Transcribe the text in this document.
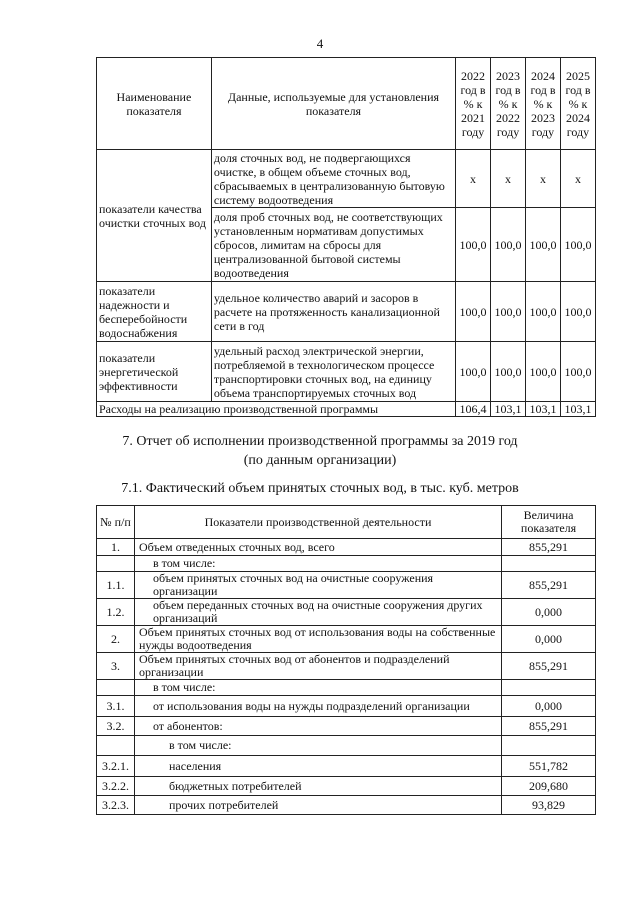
4
Наименование показателя	Данные, используемые для установления показателя	2022 год в % к 2021 году	2023 год в % к 2022 году	2024 год в % к 2023 году	2025 год в % к 2024 году
показатели качества очистки сточных вод	доля сточных вод, не подвергающихся очистке, в общем объеме сточных вод, сбрасываемых в централизованную бытовую систему водоотведения	х	х	х	х
	доля проб сточных вод, не соответствующих установленным нормативам допустимых сбросов, лимитам на сбросы для централизованной бытовой системы водоотведения	100,0	100,0	100,0	100,0
показатели надежности и бесперебойности водоснабжения	удельное количество аварий и засоров в расчете на протяженность канализационной сети в год	100,0	100,0	100,0	100,0
показатели энергетической эффективности	удельный расход электрической энергии, потребляемой в технологическом процессе транспортировки сточных вод, на единицу объема транспортируемых сточных вод	100,0	100,0	100,0	100,0
Расходы на реализацию производственной программы		106,4	103,1	103,1	103,1
7. Отчет об исполнении производственной программы за 2019 год
(по данным организации)
7.1. Фактический объем принятых сточных вод, в тыс. куб. метров
№ п/п	Показатели производственной деятельности	Величина показателя
1.	Объем отведенных сточных вод, всего	855,291
	в том числе:	
1.1.	объем принятых сточных вод на очистные сооружения организации	855,291
1.2.	объем переданных сточных вод на очистные сооружения других организаций	0,000
2.	Объем принятых сточных вод от использования воды на собственные нужды водоотведения	0,000
3.	Объем принятых сточных вод от абонентов и подразделений организации	855,291
	в том числе:	
3.1.	от использования воды на нужды подразделений организации	0,000
3.2.	от абонентов:	855,291
	в том числе:	
3.2.1.	населения	551,782
3.2.2.	бюджетных потребителей	209,680
3.2.3.	прочих потребителей	93,829
